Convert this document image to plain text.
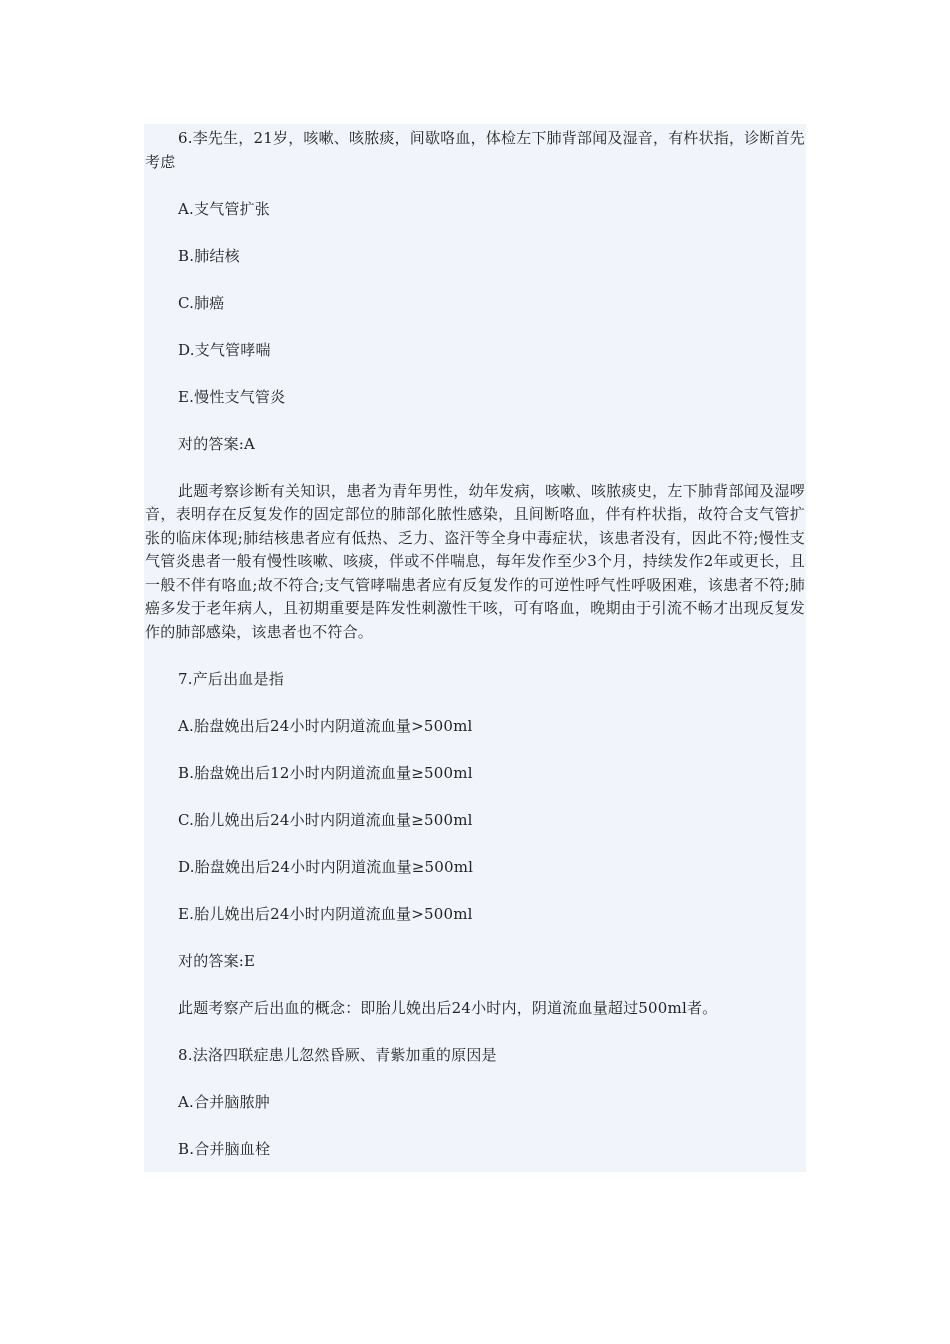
6.李先生，21岁，咳嗽、咳脓痰，间歇咯血，体检左下肺背部闻及湿音，有杵状指，诊断首先考虑

A.支气管扩张

B.肺结核

C.肺癌

D.支气管哮喘

E.慢性支气管炎

对的答案:A

此题考察诊断有关知识，患者为青年男性，幼年发病，咳嗽、咳脓痰史，左下肺背部闻及湿啰音，表明存在反复发作的固定部位的肺部化脓性感染，且间断咯血，伴有杵状指，故符合支气管扩张的临床体现;肺结核患者应有低热、乏力、盗汗等全身中毒症状，该患者没有，因此不符;慢性支气管炎患者一般有慢性咳嗽、咳痰，伴或不伴喘息，每年发作至少3个月，持续发作2年或更长，且一般不伴有咯血;故不符合;支气管哮喘患者应有反复发作的可逆性呼气性呼吸困难，该患者不符;肺癌多发于老年病人，且初期重要是阵发性刺激性干咳，可有咯血，晚期由于引流不畅才出现反复发作的肺部感染，该患者也不符合。

7.产后出血是指

A.胎盘娩出后24小时内阴道流血量>500ml

B.胎盘娩出后12小时内阴道流血量≥500ml

C.胎儿娩出后24小时内阴道流血量≥500ml

D.胎盘娩出后24小时内阴道流血量≥500ml

E.胎儿娩出后24小时内阴道流血量>500ml

对的答案:E

此题考察产后出血的概念：即胎儿娩出后24小时内，阴道流血量超过500ml者。

8.法洛四联症患儿忽然昏厥、青紫加重的原因是

A.合并脑脓肿

B.合并脑血栓
